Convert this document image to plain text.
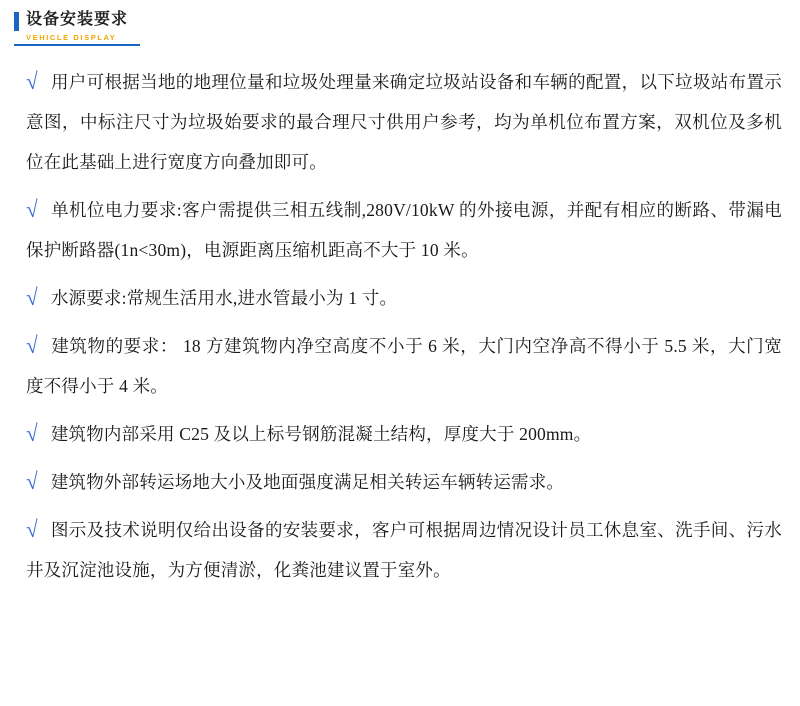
设备安装要求
VEHICLE DISPLAY
√ 用户可根据当地的地理位量和垃圾处理量来确定垃圾站设备和车辆的配置，以下垃圾站布置示意图，中标注尺寸为垃圾始要求的最合理尺寸供用户参考，均为单机位布置方案，双机位及多机位在此基础上进行宽度方向叠加即可。
√ 单机位电力要求:客户需提供三相五线制,280V/10kW 的外接电源，并配有相应的断路、带漏电保护断路器(1n<30m)，电源距离压缩机距高不大于 10 米。
√ 水源要求:常规生活用水,进水管最小为 1 寸。
√ 建筑物的要求： 18 方建筑物内净空高度不小于 6 米，大门内空净高不得小于 5.5 米，大门宽度不得小于 4 米。
√ 建筑物内部采用 C25 及以上标号钢筋混凝土结构，厚度大于 200mm。
√ 建筑物外部转运场地大小及地面强度满足相关转运车辆转运需求。
√ 图示及技术说明仅给出设备的安装要求，客户可根据周边情况设计员工休息室、洗手间、污水井及沉淀池设施，为方便清淤，化粪池建议置于室外。
